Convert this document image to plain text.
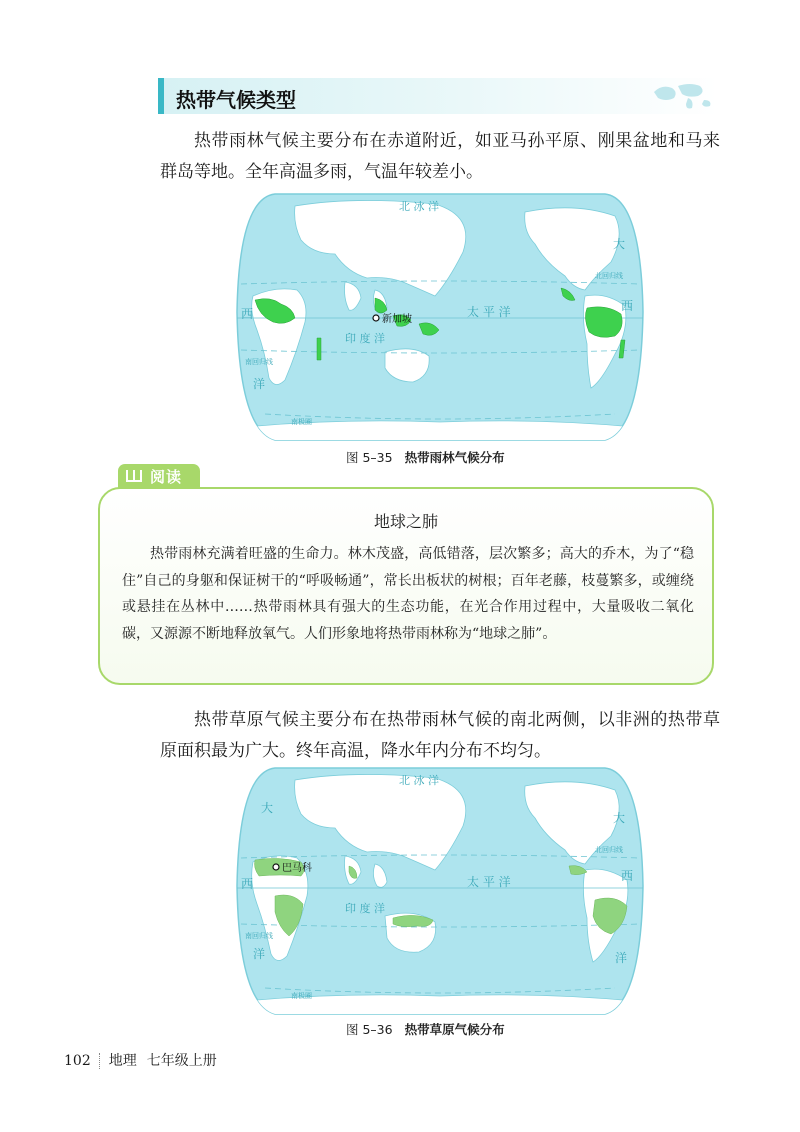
热带气候类型

热带雨林气候主要分布在赤道附近，如亚马孙平原、刚果盆地和马来群岛等地。全年高温多雨，气温年较差小。

新加坡
北 冰 洋
大
西
西
洋
太 平 洋
印 度 洋
北回归线
南回归线
南极圈
图 5–35 热带雨林气候分布
阅读
地球之肺

热带雨林充满着旺盛的生命力。林木茂盛，高低错落，层次繁多；高大的乔木，为了“稳住”自己的身躯和保证树干的“呼吸畅通”，常长出板状的树根；百年老藤，枝蔓繁多，或缠绕或悬挂在丛林中……热带雨林具有强大的生态功能，在光合作用过程中，大量吸收二氧化碳，又源源不断地释放氧气。人们形象地将热带雨林称为“地球之肺”。

热带草原气候主要分布在热带雨林气候的南北两侧，以非洲的热带草原面积最为广大。终年高温，降水年内分布不均匀。

巴马科
北 冰 洋
大
大
西
西
洋	洋
太 平 洋
印 度 洋
北回归线
南回归线
南极圈
图 5–36 热带草原气候分布
102 地理 七年级上册
